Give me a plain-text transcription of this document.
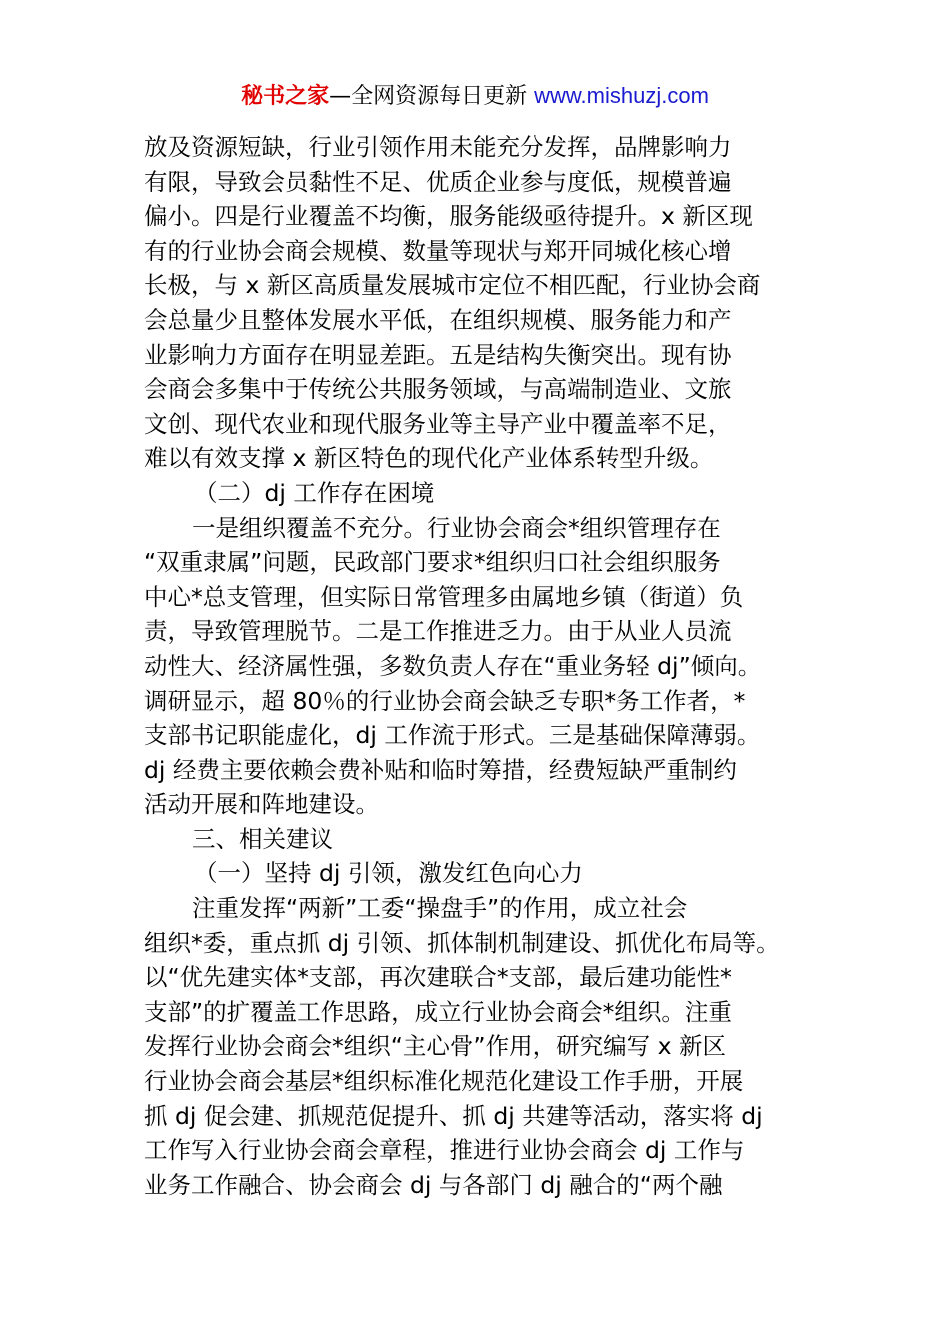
秘书之家—全网资源每日更新 www.mishuzj.com
放及资源短缺，行业引领作用未能充分发挥，品牌影响力
有限，导致会员黏性不足、优质企业参与度低，规模普遍
偏小。四是行业覆盖不均衡，服务能级亟待提升。x 新区现
有的行业协会商会规模、数量等现状与郑开同城化核心增
长极，与 x 新区高质量发展城市定位不相匹配，行业协会商
会总量少且整体发展水平低，在组织规模、服务能力和产
业影响力方面存在明显差距。五是结构失衡突出。现有协
会商会多集中于传统公共服务领域，与高端制造业、文旅
文创、现代农业和现代服务业等主导产业中覆盖率不足，
难以有效支撑 x 新区特色的现代化产业体系转型升级。
（二）dj 工作存在困境
一是组织覆盖不充分。行业协会商会*组织管理存在
“双重隶属”问题，民政部门要求*组织归口社会组织服务
中心*总支管理，但实际日常管理多由属地乡镇（街道）负
责，导致管理脱节。二是工作推进乏力。由于从业人员流
动性大、经济属性强，多数负责人存在“重业务轻 dj”倾向。
调研显示，超 80％的行业协会商会缺乏专职*务工作者，*
支部书记职能虚化，dj 工作流于形式。三是基础保障薄弱。
dj 经费主要依赖会费补贴和临时筹措，经费短缺严重制约
活动开展和阵地建设。
三、相关建议
（一）坚持 dj 引领，激发红色向心力
注重发挥“两新”工委“操盘手”的作用，成立社会
组织*委，重点抓 dj 引领、抓体制机制建设、抓优化布局等。
以“优先建实体*支部，再次建联合*支部，最后建功能性*
支部”的扩覆盖工作思路，成立行业协会商会*组织。注重
发挥行业协会商会*组织“主心骨”作用，研究编写 x 新区
行业协会商会基层*组织标准化规范化建设工作手册，开展
抓 dj 促会建、抓规范促提升、抓 dj 共建等活动，落实将 dj
工作写入行业协会商会章程，推进行业协会商会 dj 工作与
业务工作融合、协会商会 dj 与各部门 dj 融合的“两个融
